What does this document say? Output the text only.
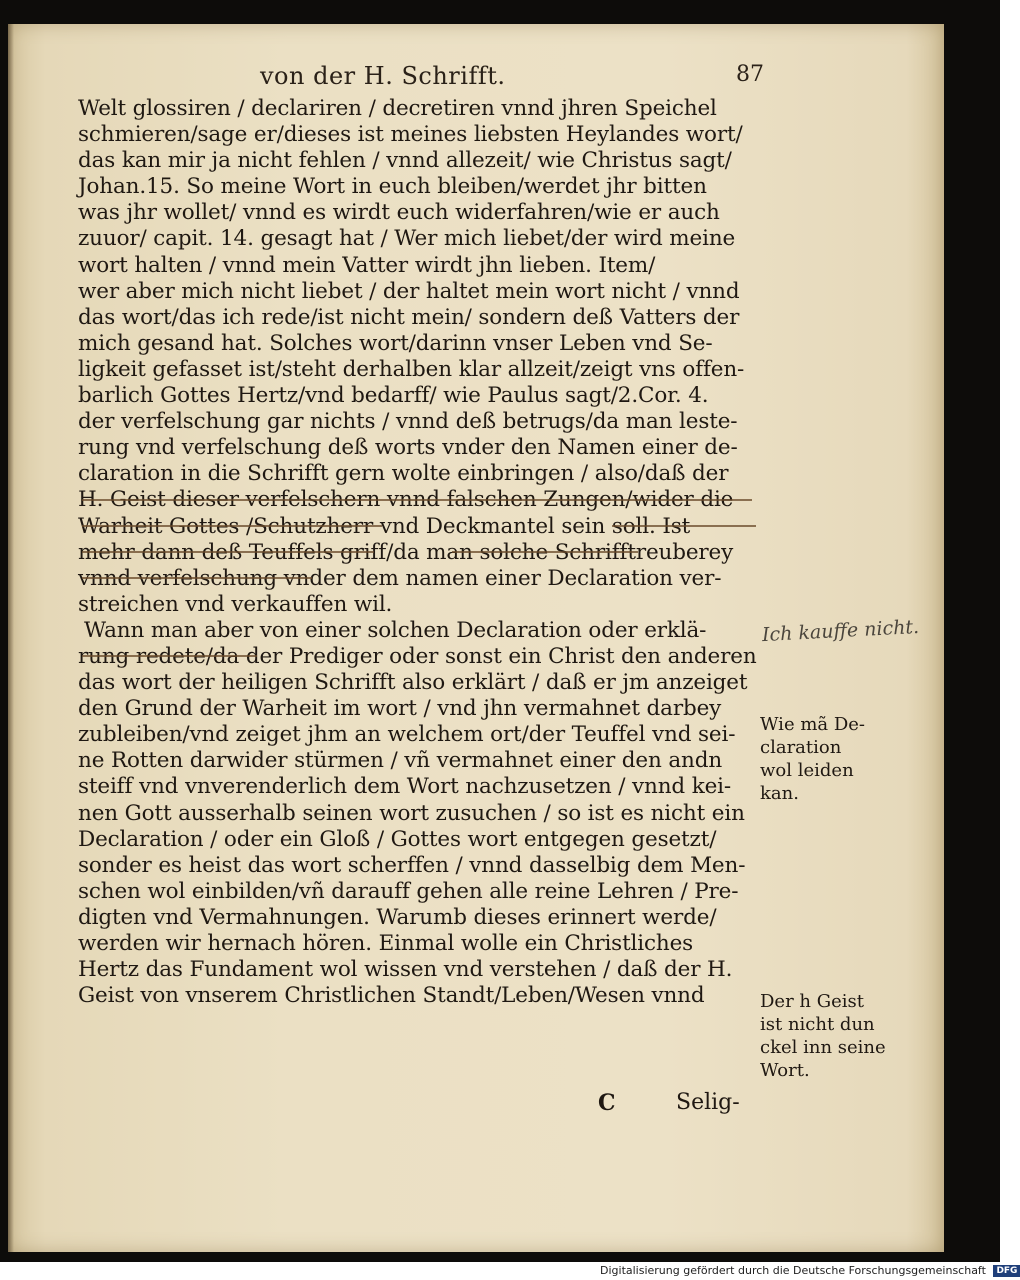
von der H. Schrifft.	87
Welt glossiren / declariren / decretiren vnnd jhren Speichel
schmieren/sage er/dieses ist meines liebsten Heylandes wort/
das kan mir ja nicht fehlen / vnnd allezeit/ wie Christus sagt/
Johan.15. So meine Wort in euch bleiben/werdet jhr bitten
was jhr wollet/ vnnd es wirdt euch widerfahren/wie er auch
zuuor/ capit. 14. gesagt hat / Wer mich liebet/der wird meine
wort halten / vnnd mein Vatter wirdt jhn lieben. Item/
wer aber mich nicht liebet / der haltet mein wort nicht / vnnd
das wort/das ich rede/ist nicht mein/ sondern deß Vatters der
mich gesand hat. Solches wort/darinn vnser Leben vnd Se-
ligkeit gefasset ist/steht derhalben klar allzeit/zeigt vns offen-
barlich Gottes Hertz/vnd bedarff/ wie Paulus sagt/2.Cor. 4.
der verfelschung gar nichts / vnnd deß betrugs/da man leste-
rung vnd verfelschung deß worts vnder den Namen einer de-
claration in die Schrifft gern wolte einbringen / also/daß der
H. Geist dieser verfelschern vnnd falschen Zungen/wider die
Warheit Gottes /Schutzherr vnd Deckmantel sein soll. Ist
mehr dann deß Teuffels griff/da man solche Schrifftreuberey
vnnd verfelschung vnder dem namen einer Declaration ver-
streichen vnd verkauffen wil.
Wann man aber von einer solchen Declaration oder erklä-
rung redete/da der Prediger oder sonst ein Christ den anderen
das wort der heiligen Schrifft also erklärt / daß er jm anzeiget
den Grund der Warheit im wort / vnd jhn vermahnet darbey
zubleiben/vnd zeiget jhm an welchem ort/der Teuffel vnd sei-
ne Rotten darwider stürmen / vñ vermahnet einer den andn
steiff vnd vnverenderlich dem Wort nachzusetzen / vnnd kei-
nen Gott ausserhalb seinen wort zusuchen / so ist es nicht ein
Declaration / oder ein Gloß / Gottes wort entgegen gesetzt/
sonder es heist das wort scherffen / vnnd dasselbig dem Men-
schen wol einbilden/vñ darauff gehen alle reine Lehren / Pre-
digten vnd Vermahnungen. Warumb dieses erinnert werde/
werden wir hernach hören. Einmal wolle ein Christliches
Hertz das Fundament wol wissen vnd verstehen / daß der H.
Geist von vnserem Christlichen Standt/Leben/Wesen vnnd
Ich kauffe nicht.
Wie mã De-
claration
wol leiden
kan.
Der h Geist
ist nicht dun
ckel inn seine
Wort.
C	Selig-
Digitalisierung gefördert durch die Deutsche Forschungsgemeinschaft DFG
